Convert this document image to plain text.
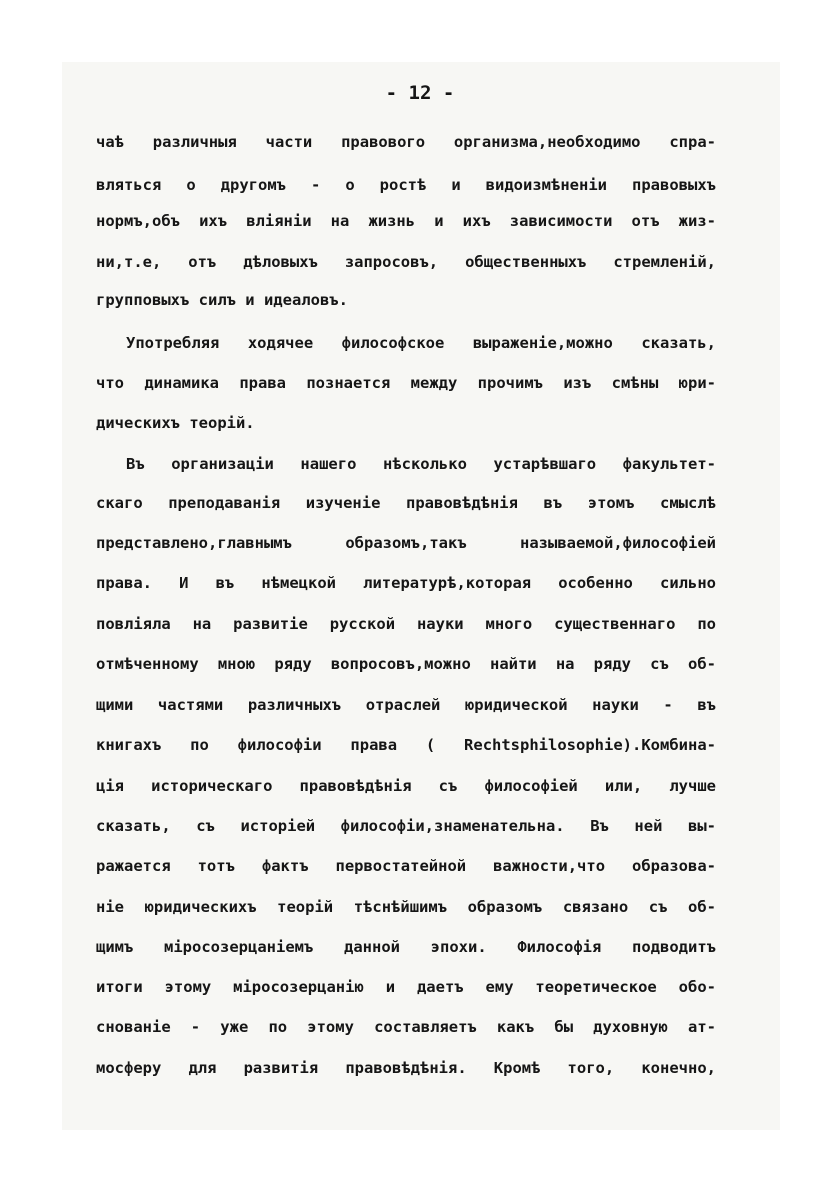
- 12 -

чаѣ различныя части правового организма,необходимо спра-

вляться о другомъ - о ростѣ и видоизмѣненіи правовыхъ

нормъ,объ ихъ вліяніи на жизнь и ихъ зависимости отъ жиз-

ни,т.е, отъ дѣловыхъ запросовъ, общественныхъ стремленій,

групповыхъ силъ и идеаловъ.

Употребляя ходячее философское выраженіе,можно сказать,

что динамика права познается между прочимъ изъ смѣны юри-

дическихъ теорій.

Въ организаціи нашего нѣсколько устарѣвшаго факультет-

скаго преподаванія изученіе правовѣдѣнія въ этомъ смыслѣ

представлено,главнымъ образомъ,такъ называемой,философіей

права. И въ нѣмецкой литературѣ,которая особенно сильно

повліяла на развитіе русской науки много существеннаго по

отмѣченному мною ряду вопросовъ,можно найти на ряду съ об-

щими частями различныхъ отраслей юридической науки - въ

книгахъ по философіи права ( Rechtsphilosophie).Комбина-

ція историческаго правовѣдѣнія съ философіей или, лучше

сказать, съ исторіей философіи,знаменательна. Въ ней вы-

ражается тотъ фактъ первостатейной важности,что образова-

ніе юридическихъ теорій тѣснѣйшимъ образомъ связано съ об-

щимъ міросозерцаніемъ данной эпохи. Философія подводитъ

итоги этому міросозерцанію и даетъ ему теоретическое обо-

снованіе - уже по этому составляетъ какъ бы духовную ат-

мосферу для развитія правовѣдѣнія. Кромѣ того, конечно,
